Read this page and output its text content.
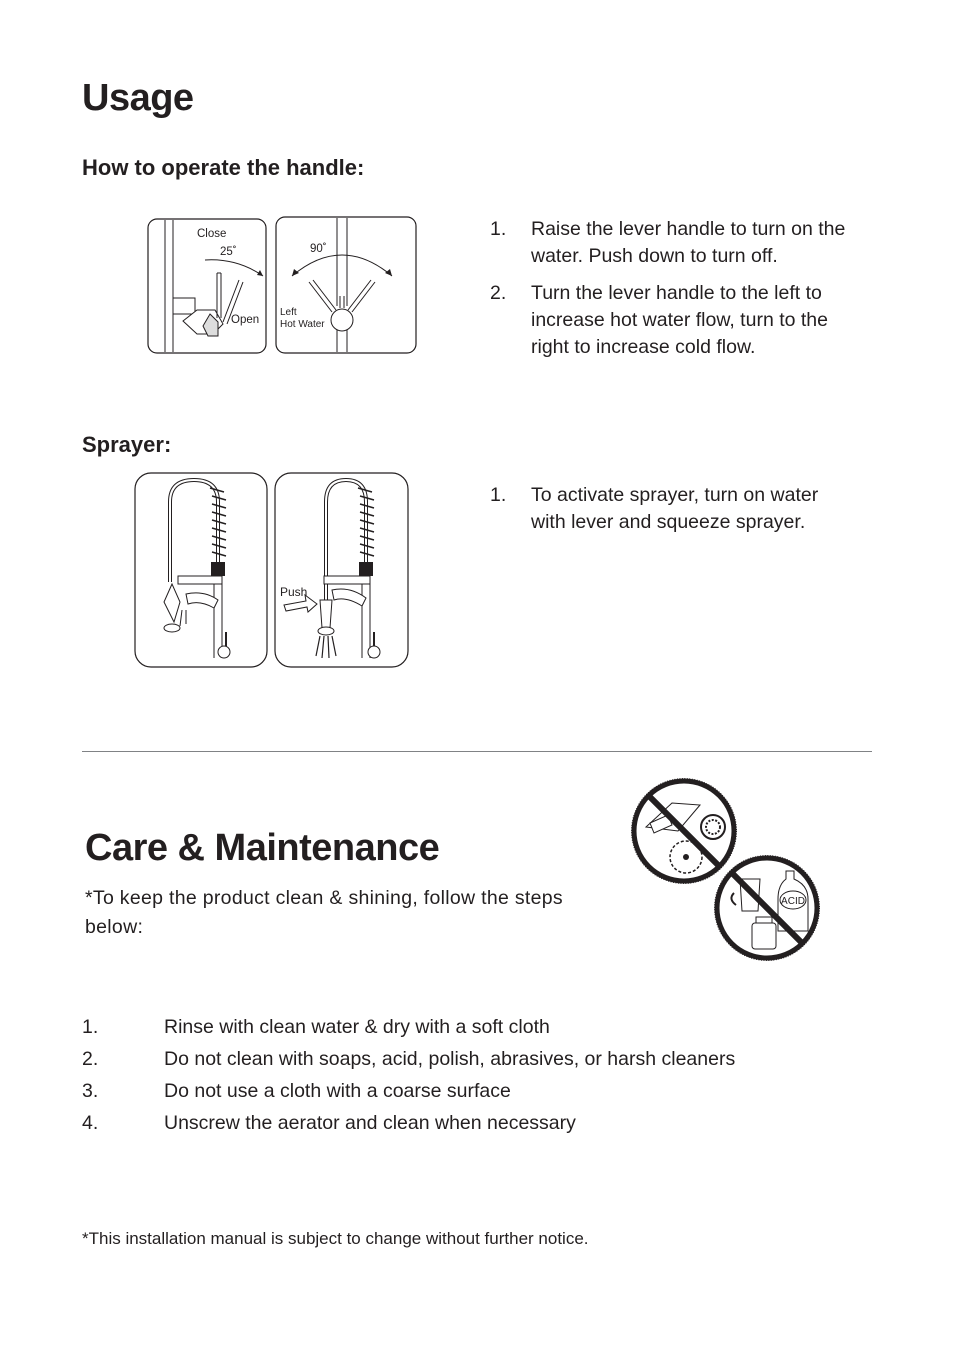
Usage
How to operate the handle:
Close
25˚
Open
90˚
Left
Hot Water
1. Raise the lever handle to turn on the water. Push down to turn off.
2. Turn the lever handle to the left to increase hot water flow, turn to the right to increase cold flow.
Sprayer:
Push
1. To activate sprayer, turn on water with lever and squeeze sprayer.
Care & Maintenance
*To keep the product clean & shining, follow the steps below:
ACID
1.	Rinse with clean water & dry with a soft cloth
2.	Do not clean with soaps, acid, polish, abrasives, or harsh cleaners
3.	Do not use a cloth with a coarse surface
4.	Unscrew the aerator and clean when necessary
*This installation manual is subject to change without further notice.
